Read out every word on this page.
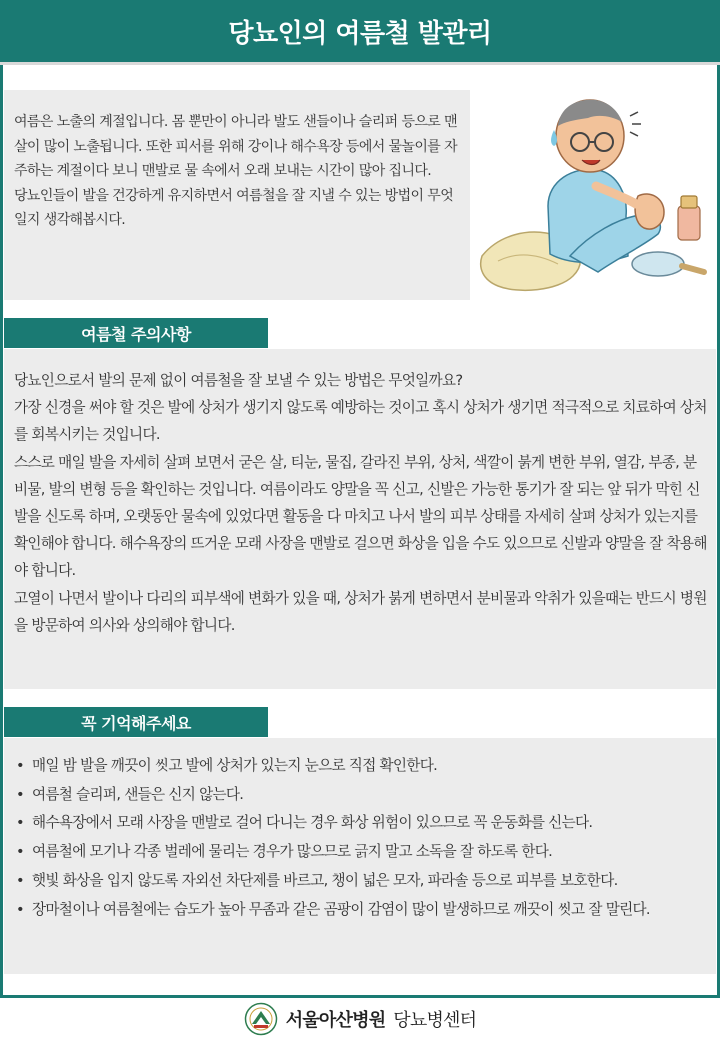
당뇨인의 여름철 발관리

여름은 노출의 계절입니다. 몸 뿐만이 아니라 발도 샌들이나 슬리퍼 등으로 맨살이 많이 노출됩니다. 또한 피서를 위해 강이나 해수욕장 등에서 물놀이를 자주하는 계절이다 보니 맨발로 물 속에서 오래 보내는 시간이 많아 집니다.

당뇨인들이 발을 건강하게 유지하면서 여름철을 잘 지낼 수 있는 방법이 무엇일지 생각해봅시다.

여름철 주의사항

당뇨인으로서 발의 문제 없이 여름철을 잘 보낼 수 있는 방법은 무엇일까요?

가장 신경을 써야 할 것은 발에 상처가 생기지 않도록 예방하는 것이고 혹시 상처가 생기면 적극적으로 치료하여 상처를 회복시키는 것입니다.

스스로 매일 발을 자세히 살펴 보면서 굳은 살, 티눈, 물집, 갈라진 부위, 상처, 색깔이 붉게 변한 부위, 열감, 부종, 분비물, 발의 변형 등을 확인하는 것입니다. 여름이라도 양말을 꼭 신고, 신발은 가능한 통기가 잘 되는 앞 뒤가 막힌 신발을 신도록 하며, 오랫동안 물속에 있었다면 활동을 다 마치고 나서 발의 피부 상태를 자세히 살펴 상처가 있는지를 확인해야 합니다. 해수욕장의 뜨거운 모래 사장을 맨발로 걸으면 화상을 입을 수도 있으므로 신발과 양말을 잘 착용해야 합니다.

고열이 나면서 발이나 다리의 피부색에 변화가 있을 때, 상처가 붉게 변하면서 분비물과 악취가 있을때는 반드시 병원을 방문하여 의사와 상의해야 합니다.

꼭 기억해주세요
• 매일 밤 발을 깨끗이 씻고 발에 상처가 있는지 눈으로 직접 확인한다.
• 여름철 슬리퍼, 샌들은 신지 않는다.
• 해수욕장에서 모래 사장을 맨발로 걸어 다니는 경우 화상 위험이 있으므로 꼭 운동화를 신는다.
• 여름철에 모기나 각종 벌레에 물리는 경우가 많으므로 긁지 말고 소독을 잘 하도록 한다.
• 햇빛 화상을 입지 않도록 자외선 차단제를 바르고, 챙이 넓은 모자, 파라솔 등으로 피부를 보호한다.
• 장마철이나 여름철에는 습도가 높아 무좀과 같은 곰팡이 감염이 많이 발생하므로 깨끗이 씻고 잘 말린다.
서울아산병원 당뇨병센터
